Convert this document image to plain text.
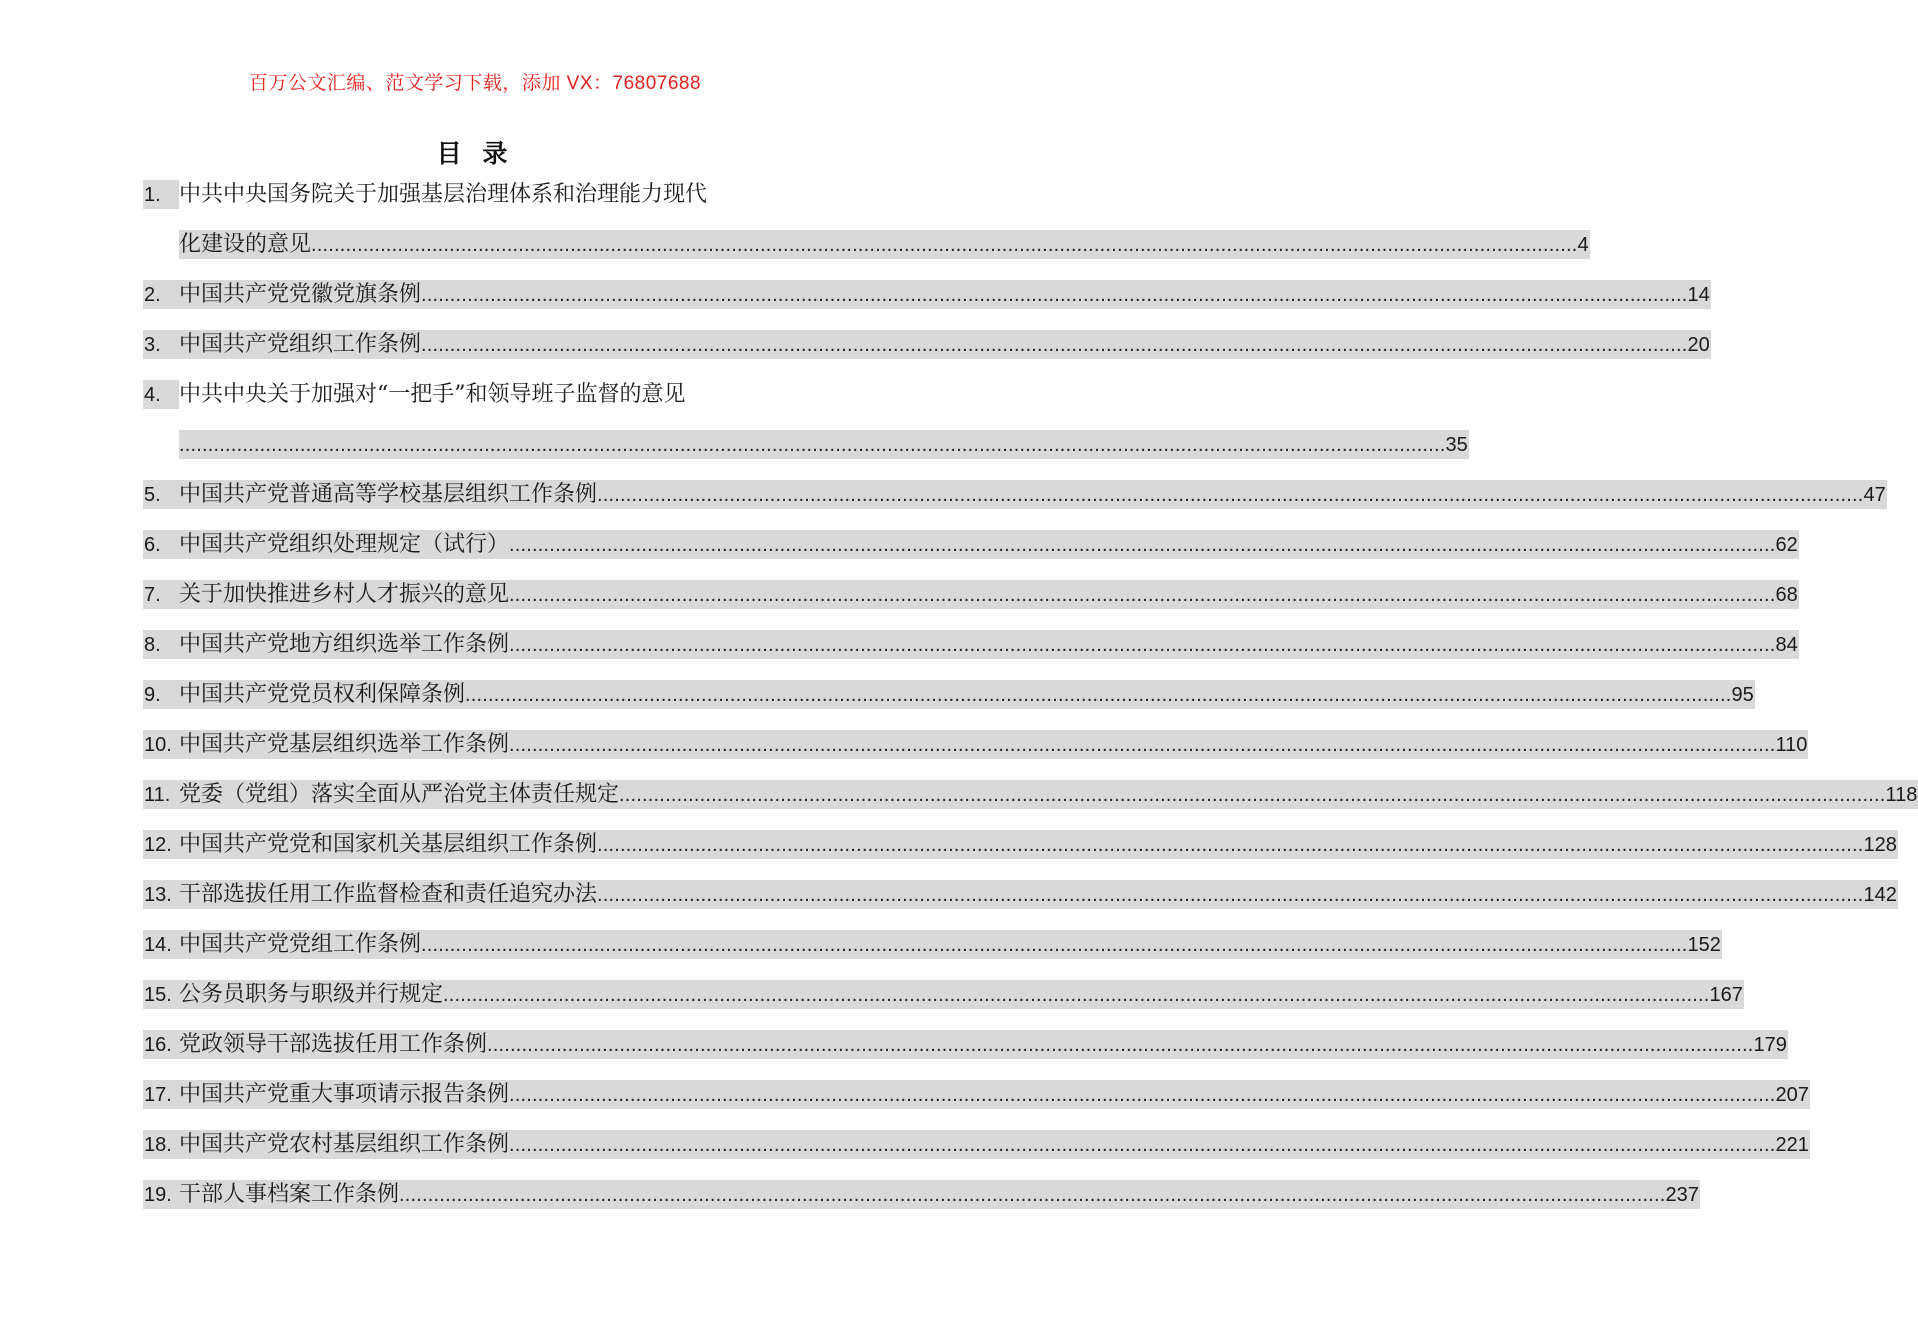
百万公文汇编、范文学习下载，添加 VX：76807688
目 录
1. 中共中央国务院关于加强基层治理体系和治理能力现代
化建设的意见 ............................................................................................................................................................................................................................ 4
2. 中国共产党党徽党旗条例 ............................................................................................................................................................................................................................ 14
3. 中国共产党组织工作条例 ............................................................................................................................................................................................................................ 20
4. 中共中央关于加强对“一把手”和领导班子监督的意见
............................................................................................................................................................................................................................ 35
5. 中国共产党普通高等学校基层组织工作条例 ............................................................................................................................................................................................................................ 47
6. 中国共产党组织处理规定（试行） ............................................................................................................................................................................................................................ 62
7. 关于加快推进乡村人才振兴的意见 ............................................................................................................................................................................................................................ 68
8. 中国共产党地方组织选举工作条例 ............................................................................................................................................................................................................................ 84
9. 中国共产党党员权利保障条例 ............................................................................................................................................................................................................................ 95
10. 中国共产党基层组织选举工作条例 ............................................................................................................................................................................................................................ 110
11. 党委（党组）落实全面从严治党主体责任规定 ............................................................................................................................................................................................................................ 118
12. 中国共产党党和国家机关基层组织工作条例 ............................................................................................................................................................................................................................ 128
13. 干部选拔任用工作监督检查和责任追究办法 ............................................................................................................................................................................................................................ 142
14. 中国共产党党组工作条例 ............................................................................................................................................................................................................................ 152
15. 公务员职务与职级并行规定 ............................................................................................................................................................................................................................ 167
16. 党政领导干部选拔任用工作条例 ............................................................................................................................................................................................................................ 179
17. 中国共产党重大事项请示报告条例 ............................................................................................................................................................................................................................ 207
18. 中国共产党农村基层组织工作条例 ............................................................................................................................................................................................................................ 221
19. 干部人事档案工作条例 ............................................................................................................................................................................................................................ 237
